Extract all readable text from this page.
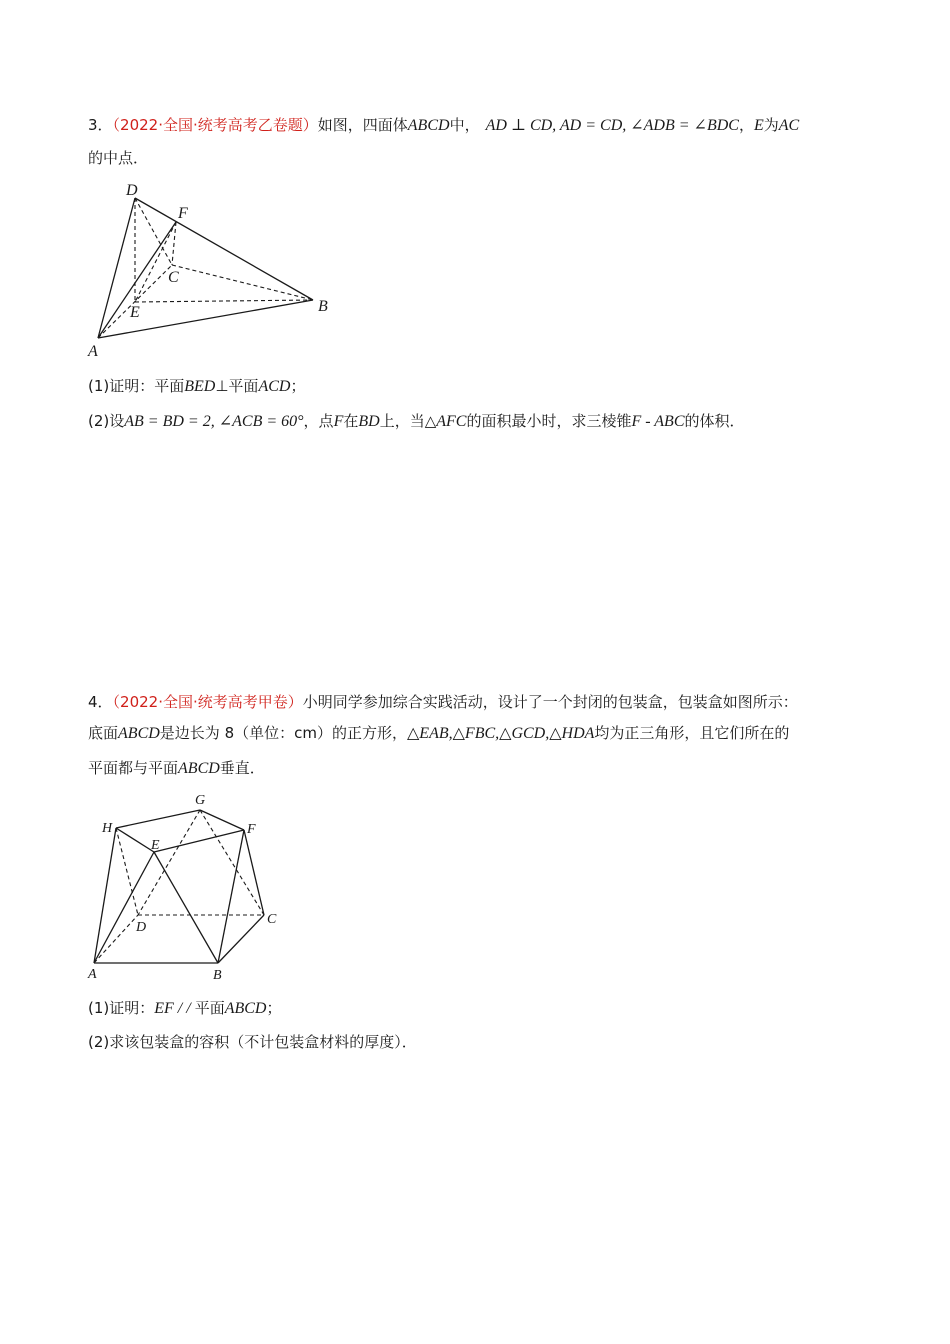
3．（2022·全国·统考高考乙卷题）如图，四面体ABCD中， AD ⊥ CD, AD = CD, ∠ADB = ∠BDC，E为AC
的中点．
D
F
C
E	B
A
(1)证明：平面BED⊥平面ACD；
(2)设AB = BD = 2, ∠ACB = 60°，点F在BD上，当△AFC的面积最小时，求三棱锥F - ABC的体积．
4．（2022·全国·统考高考甲卷）小明同学参加综合实践活动，设计了一个封闭的包装盒，包装盒如图所示：
底面ABCD是边长为 8（单位：cm）的正方形，△EAB,△FBC,△GCD,△HDA均为正三角形，且它们所在的
平面都与平面ABCD垂直．
G
H	F
E
D
C
A	B
(1)证明：EF / / 平面ABCD；
(2)求该包装盒的容积（不计包装盒材料的厚度）．
